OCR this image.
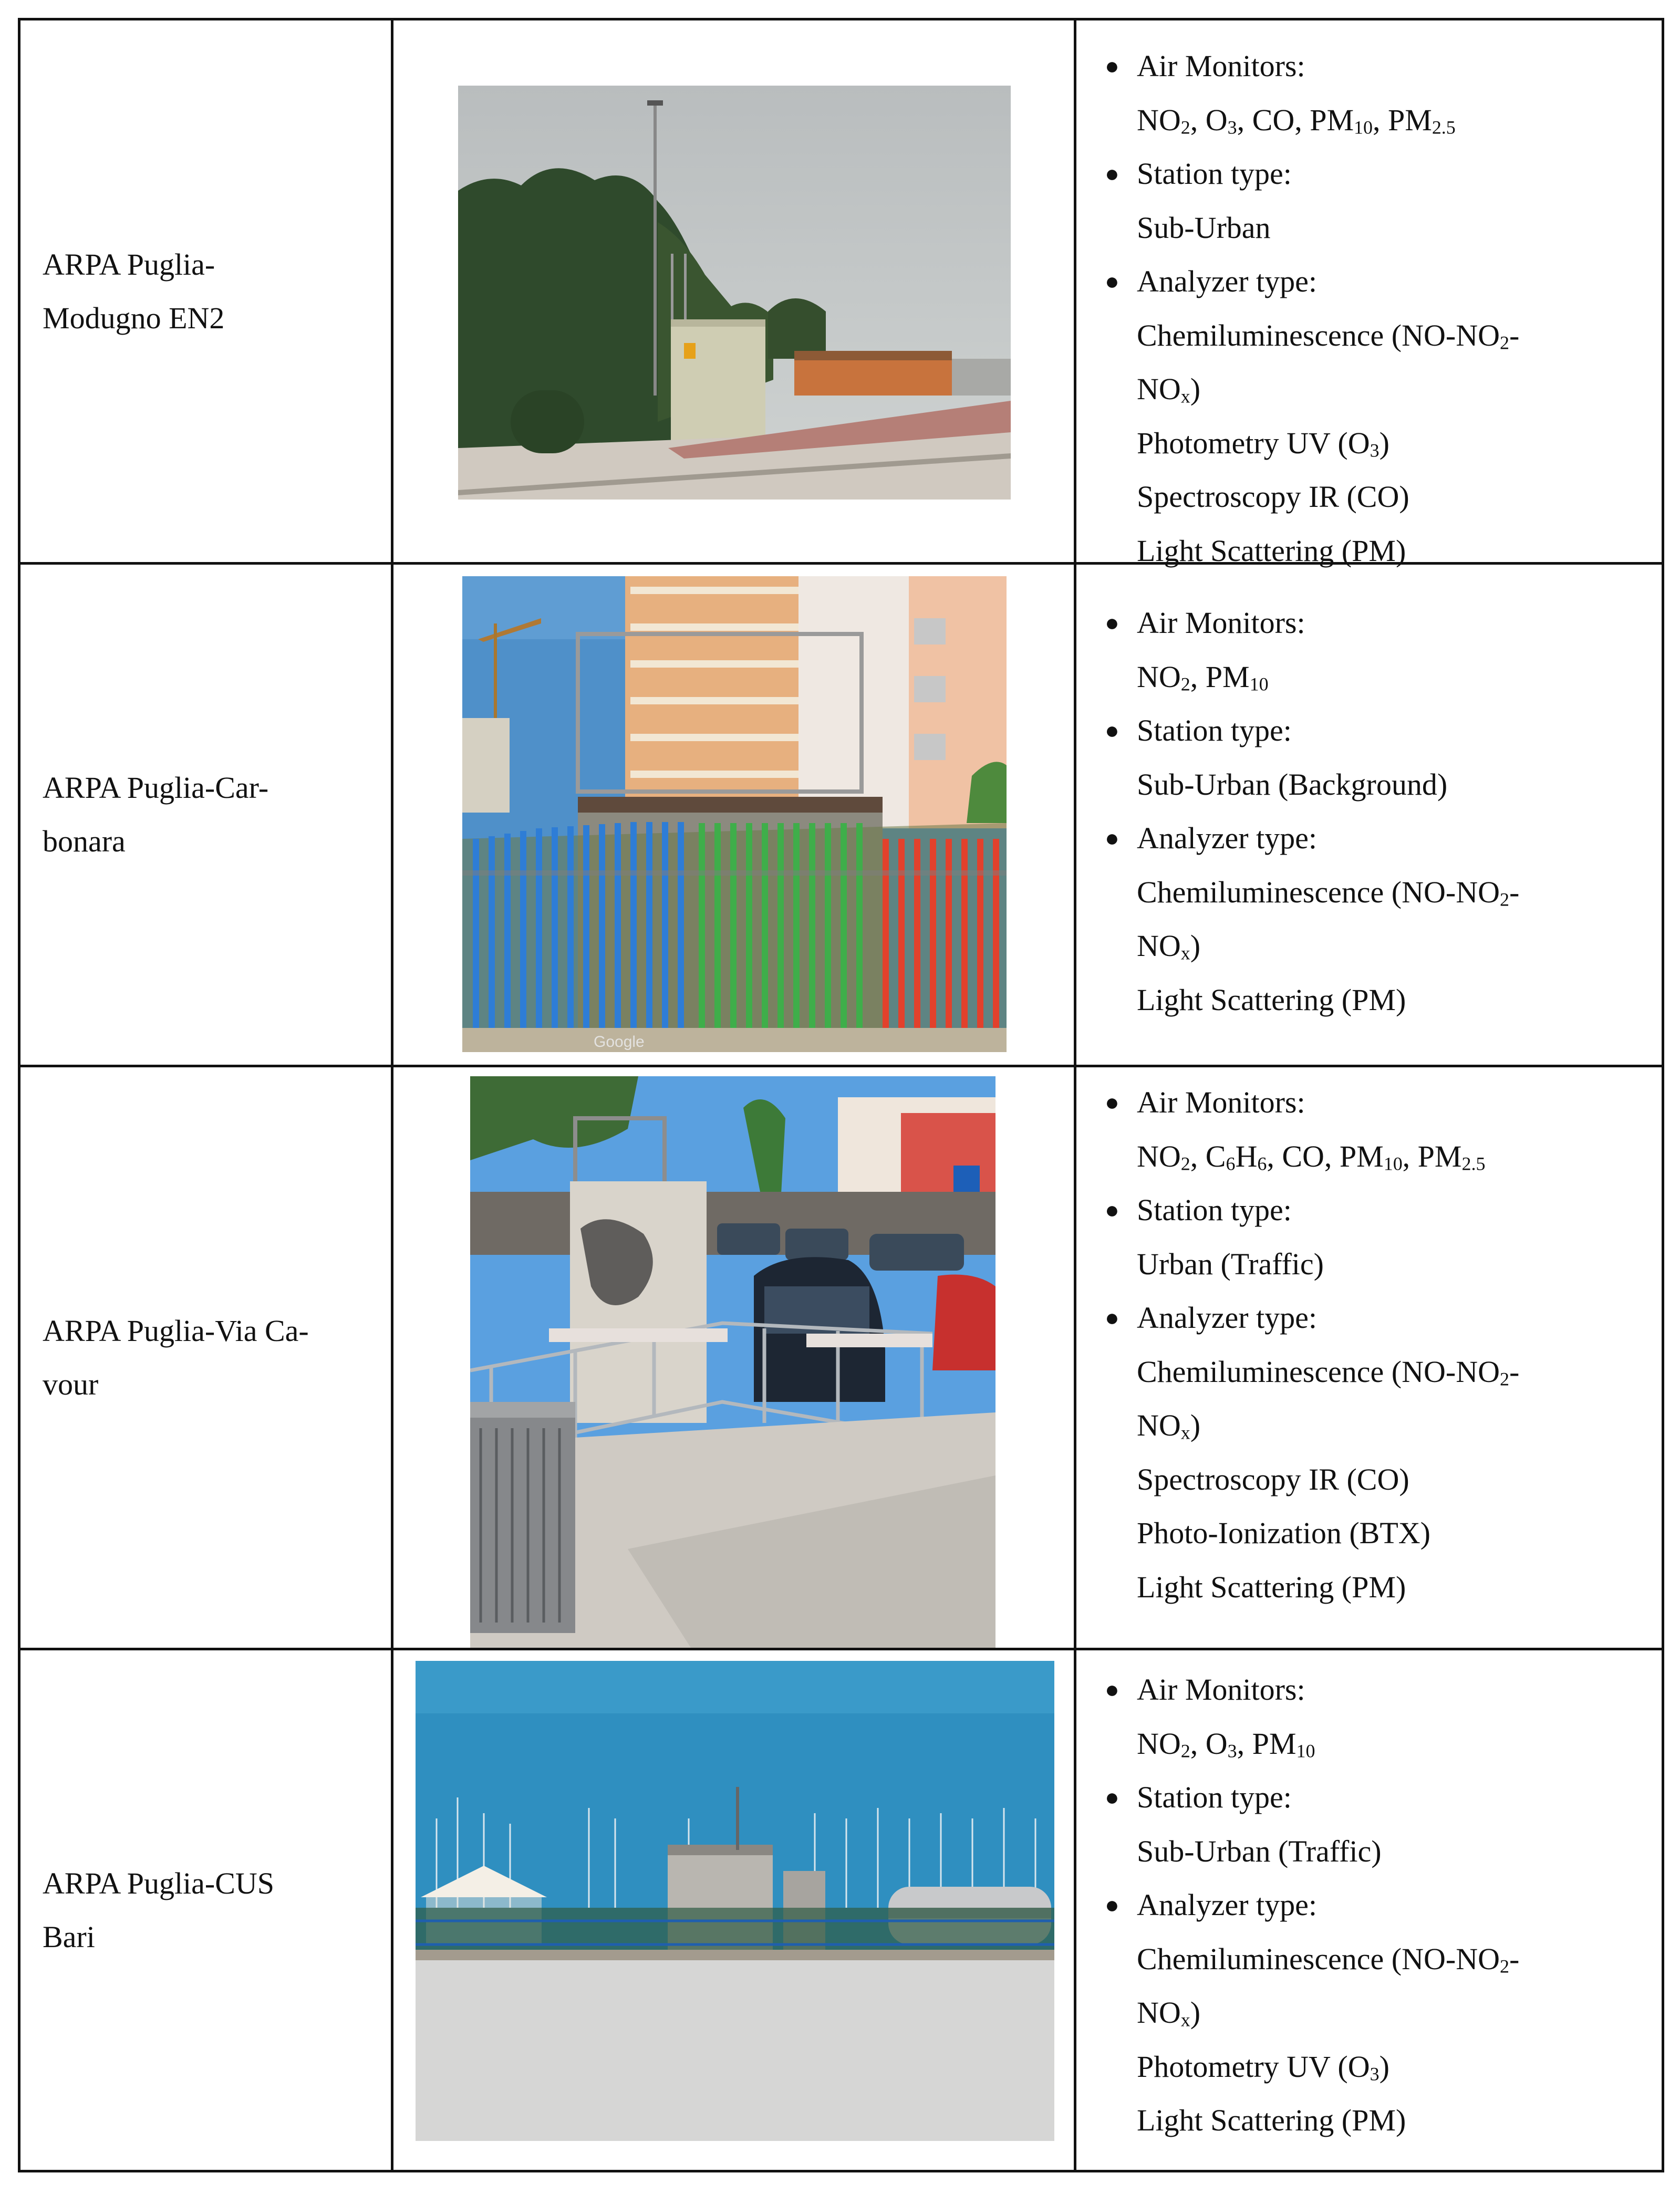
ARPA Puglia-
Modugno EN2
● Air Monitors:
$NO_2$, $O_3$, CO, $PM_{10}$, $PM_{2.5}$
● Station type:
Sub-Urban
● Analyzer type:
Chemiluminescence ($NO-NO_2-$
$NO_x$)
Photometry UV $(O_3)$
Spectroscopy IR (CO)
Light Scattering (PM)
ARPA Puglia-Car-
bonara
Google
● Air Monitors:
$NO_2$, $PM_{10}$
● Station type:
Sub-Urban (Background)
● Analyzer type:
Chemiluminescence ($NO-NO_2-$
$NO_x$)
Light Scattering (PM)
ARPA Puglia-Via Ca-
vour
● Air Monitors:
$NO_2$, $C_6H_6$, CO, $PM_{10}$, $PM_{2.5}$
● Station type:
Urban (Traffic)
● Analyzer type:
Chemiluminescence ($NO-NO_2-$
$NO_x$)
Spectroscopy IR (CO)
Photo-Ionization (BTX)
Light Scattering (PM)
ARPA Puglia-CUS
Bari
● Air Monitors:
$NO_2$, $O_3$, $PM_{10}$
● Station type:
Sub-Urban (Traffic)
● Analyzer type:
Chemiluminescence ($NO-NO_2-$
$NO_x$)
Photometry UV $(O_3)$
Light Scattering (PM)
